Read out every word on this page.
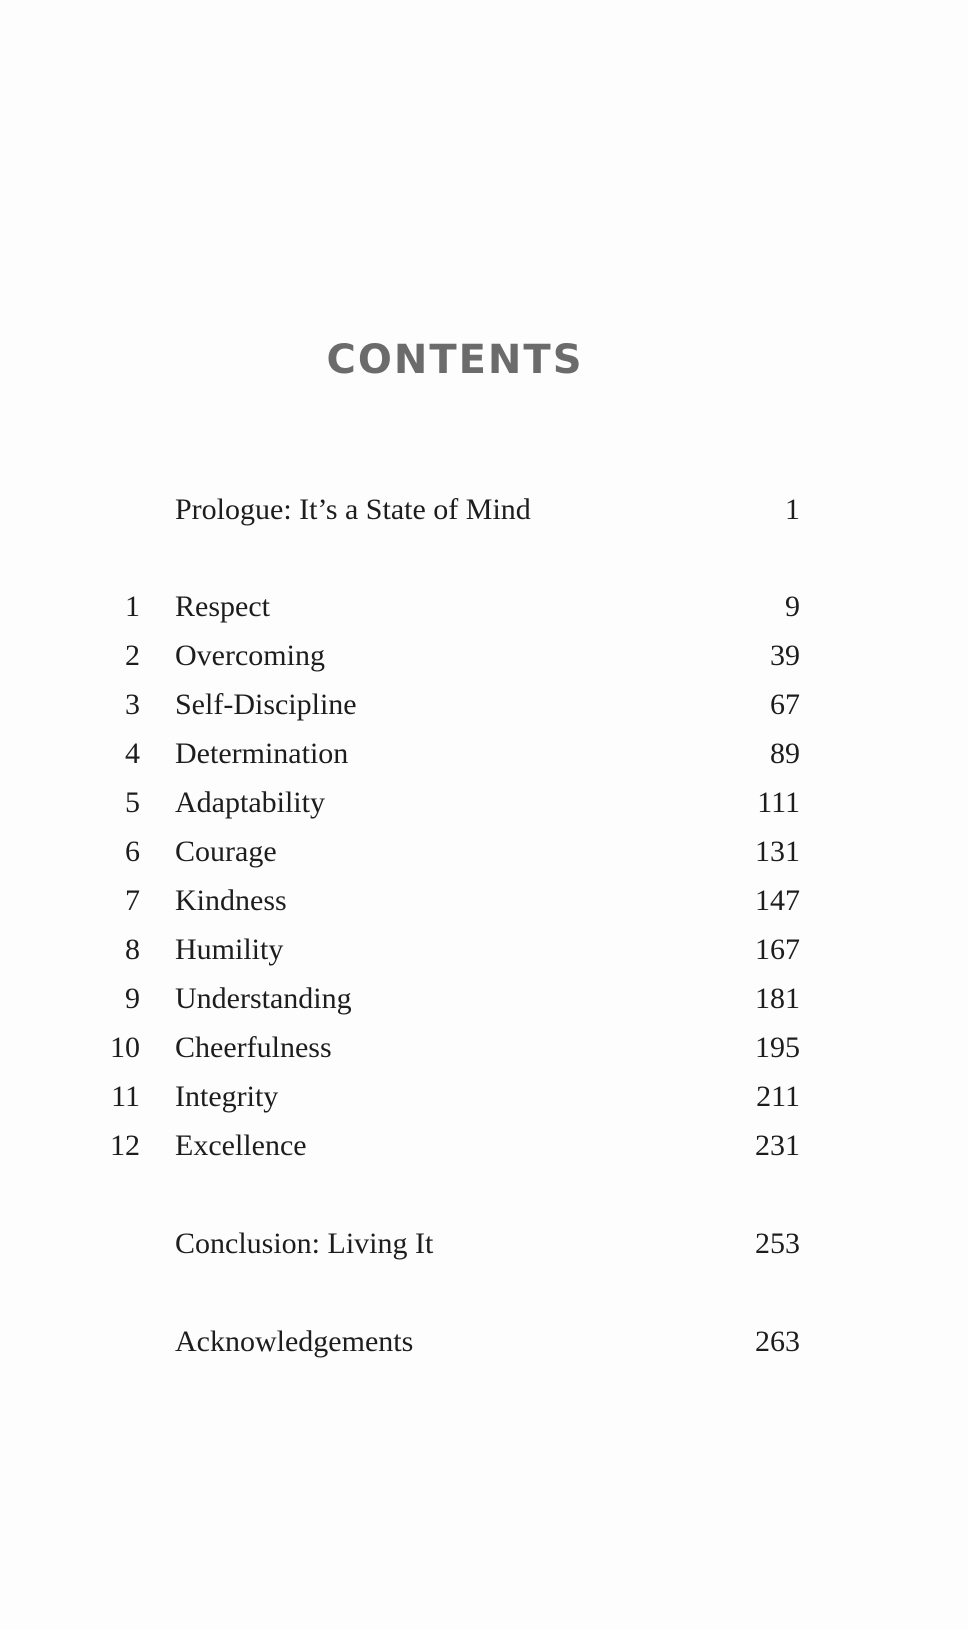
CONTENTS
Prologue: It’s a State of Mind	1
1 Respect	9
2 Overcoming	39
3 Self-Discipline	67
4 Determination	89
5 Adaptability	111
6 Courage	131
7 Kindness	147
8 Humility	167
9 Understanding	181
10 Cheerfulness	195
11 Integrity	211
12 Excellence	231
Conclusion: Living It	253
Acknowledgements	263
